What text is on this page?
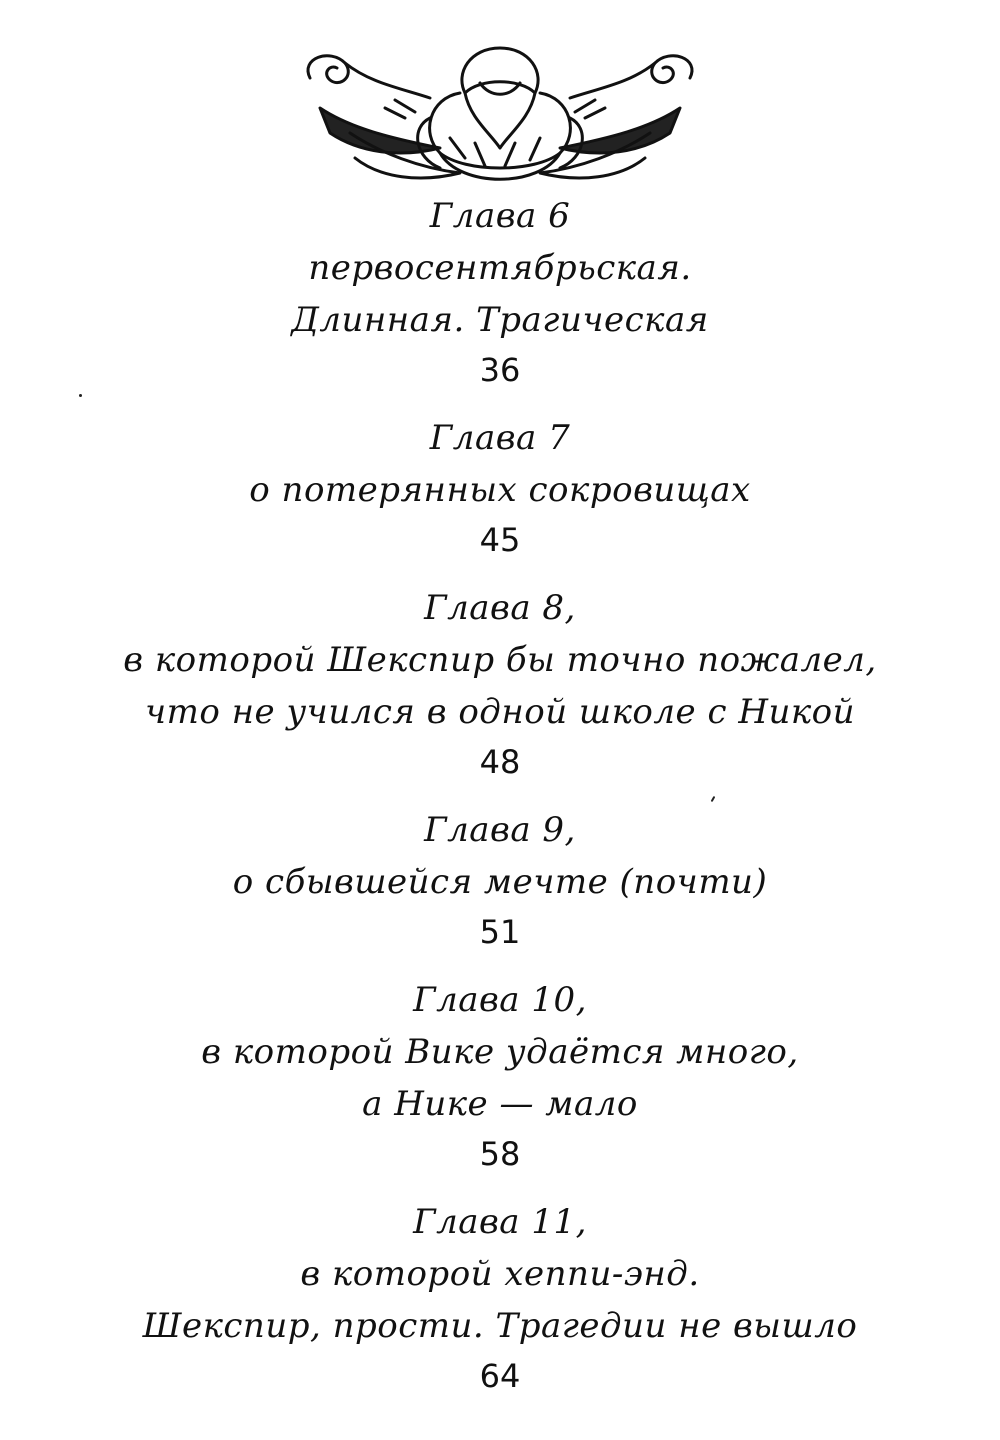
Глава 6
первосентябрьская.
Длинная. Трагическая
36
Глава 7
о потерянных сокровищах
45
Глава 8,
в которой Шекспир бы точно пожалел,
что не учился в одной школе с Никой
48
Глава 9,
о сбывшейся мечте (почти)
51
Глава 10,
в которой Вике удаётся много,
а Нике — мало
58
Глава 11,
в которой хеппи-энд.
Шекспир, прости. Трагедии не вышло
64
